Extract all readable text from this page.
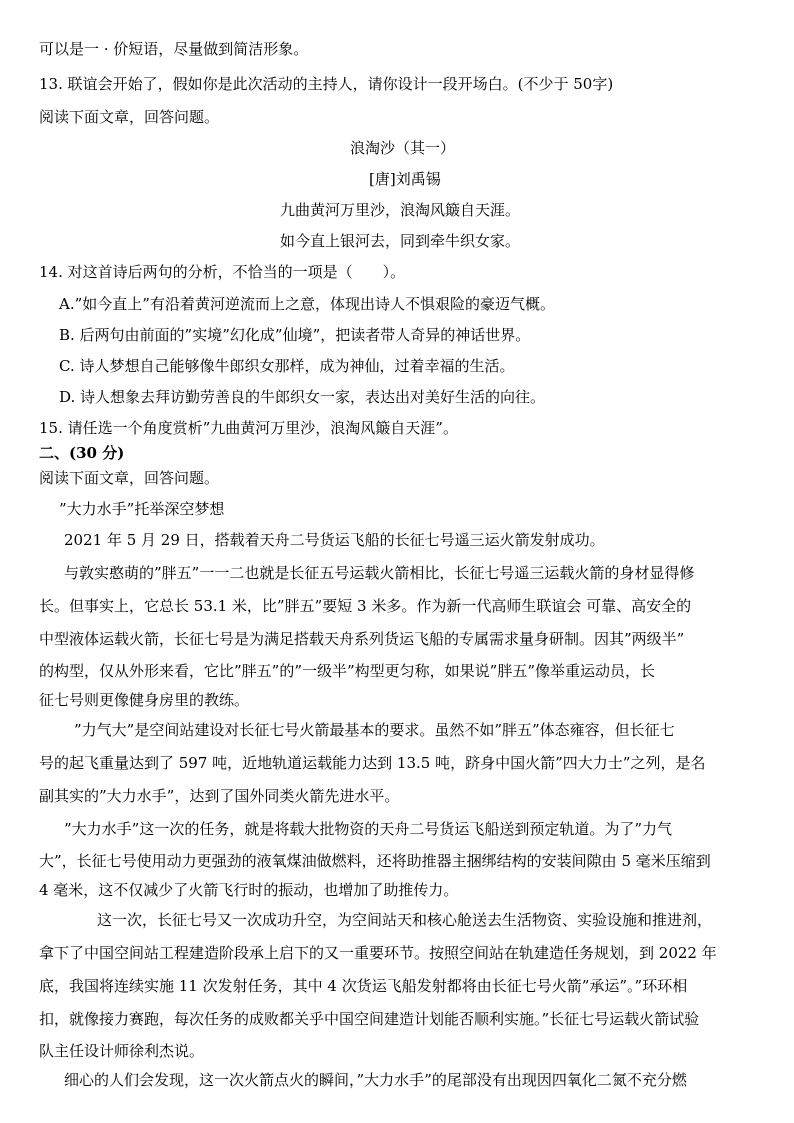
可以是一 · 价短语，尽量做到简洁形象。

13. 联谊会开始了，假如你是此次活动的主持人，请你设计一段开场白。(不少于 50字)

阅读下面文章，回答问题。

浪淘沙（其一）

[唐]刘禹锡

九曲黄河万里沙，浪淘风簸自天涯。

如今直上银河去，同到牵牛织女家。

14. 对这首诗后两句的分析，不恰当的一项是（　　）。

A.”如今直上”有沿着黄河逆流而上之意，体现出诗人不惧艰险的豪迈气概。

B. 后两句由前面的”实境”幻化成”仙境”，把读者带人奇异的神话世界。

C. 诗人梦想自己能够像牛郎织女那样，成为神仙，过着幸福的生活。

D. 诗人想象去拜访勤劳善良的牛郎织女一家，表达出对美好生活的向往。

15. 请任选一个角度赏析”九曲黄河万里沙，浪淘风簸自天涯”。

二、(30 分)

阅读下面文章，回答问题。

”大力水手”托举深空梦想

2021 年 5 月 29 日，搭载着天舟二号货运飞船的长征七号遥三运火箭发射成功。

与敦实憨萌的”胖五”一一二也就是长征五号运载火箭相比，长征七号遥三运载火箭的身材显得修

长。但事实上，它总长 53.1 米，比”胖五”要短 3 米多。作为新一代高师生联谊会 可靠、高安全的

中型液体运载火箭，长征七号是为满足搭载天舟系列货运飞船的专属需求量身研制。因其”两级半”

的构型，仅从外形来看，它比”胖五”的”一级半”构型更匀称，如果说”胖五”像举重运动员，长

征七号则更像健身房里的教练。

”力气大”是空间站建设对长征七号火箭最基本的要求。虽然不如”胖五”体态雍容，但长征七

号的起飞重量达到了 597 吨，近地轨道运载能力达到 13.5 吨，跻身中国火箭”四大力士”之列，是名

副其实的”大力水手”，达到了国外同类火箭先进水平。

”大力水手”这一次的任务，就是将载大批物资的天舟二号货运飞船送到预定轨道。为了”力气

大”，长征七号使用动力更强劲的液氧煤油做燃料，还将助推器主捆绑结构的安装间隙由 5 毫米压缩到

4 毫米，这不仅减少了火箭飞行时的振动，也增加了助推传力。

这一次，长征七号又一次成功升空，为空间站天和核心舱送去生活物资、实验设施和推进剂，

拿下了中国空间站工程建造阶段承上启下的又一重要环节。按照空间站在轨建造任务规划，到 2022 年

底，我国将连续实施 11 次发射任务，其中 4 次货运飞船发射都将由长征七号火箭”承运”。”环环相

扣，就像接力赛跑，每次任务的成败都关乎中国空间建造计划能否顺利实施。”长征七号运载火箭试验

队主任设计师徐利杰说。

细心的人们会发现，这一次火箭点火的瞬间，”大力水手”的尾部没有出现因四氧化二氮不充分燃
